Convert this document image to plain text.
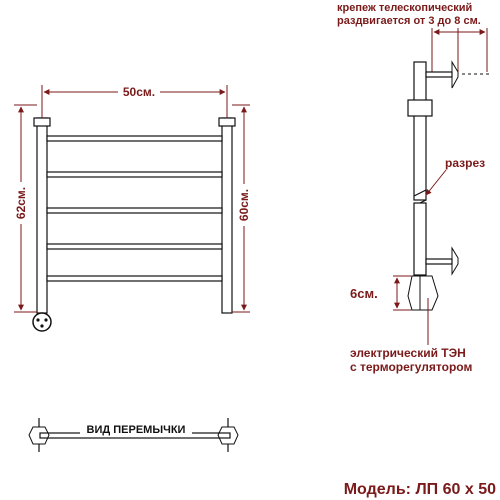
50см.
62см.	60см.
крепеж телескопический
раздвигается от 3 до 8 см.
разрез
6см.
электрический ТЭН
с терморегулятором
ВИД ПЕРЕМЫЧКИ
Модель: ЛП 60 х 50
